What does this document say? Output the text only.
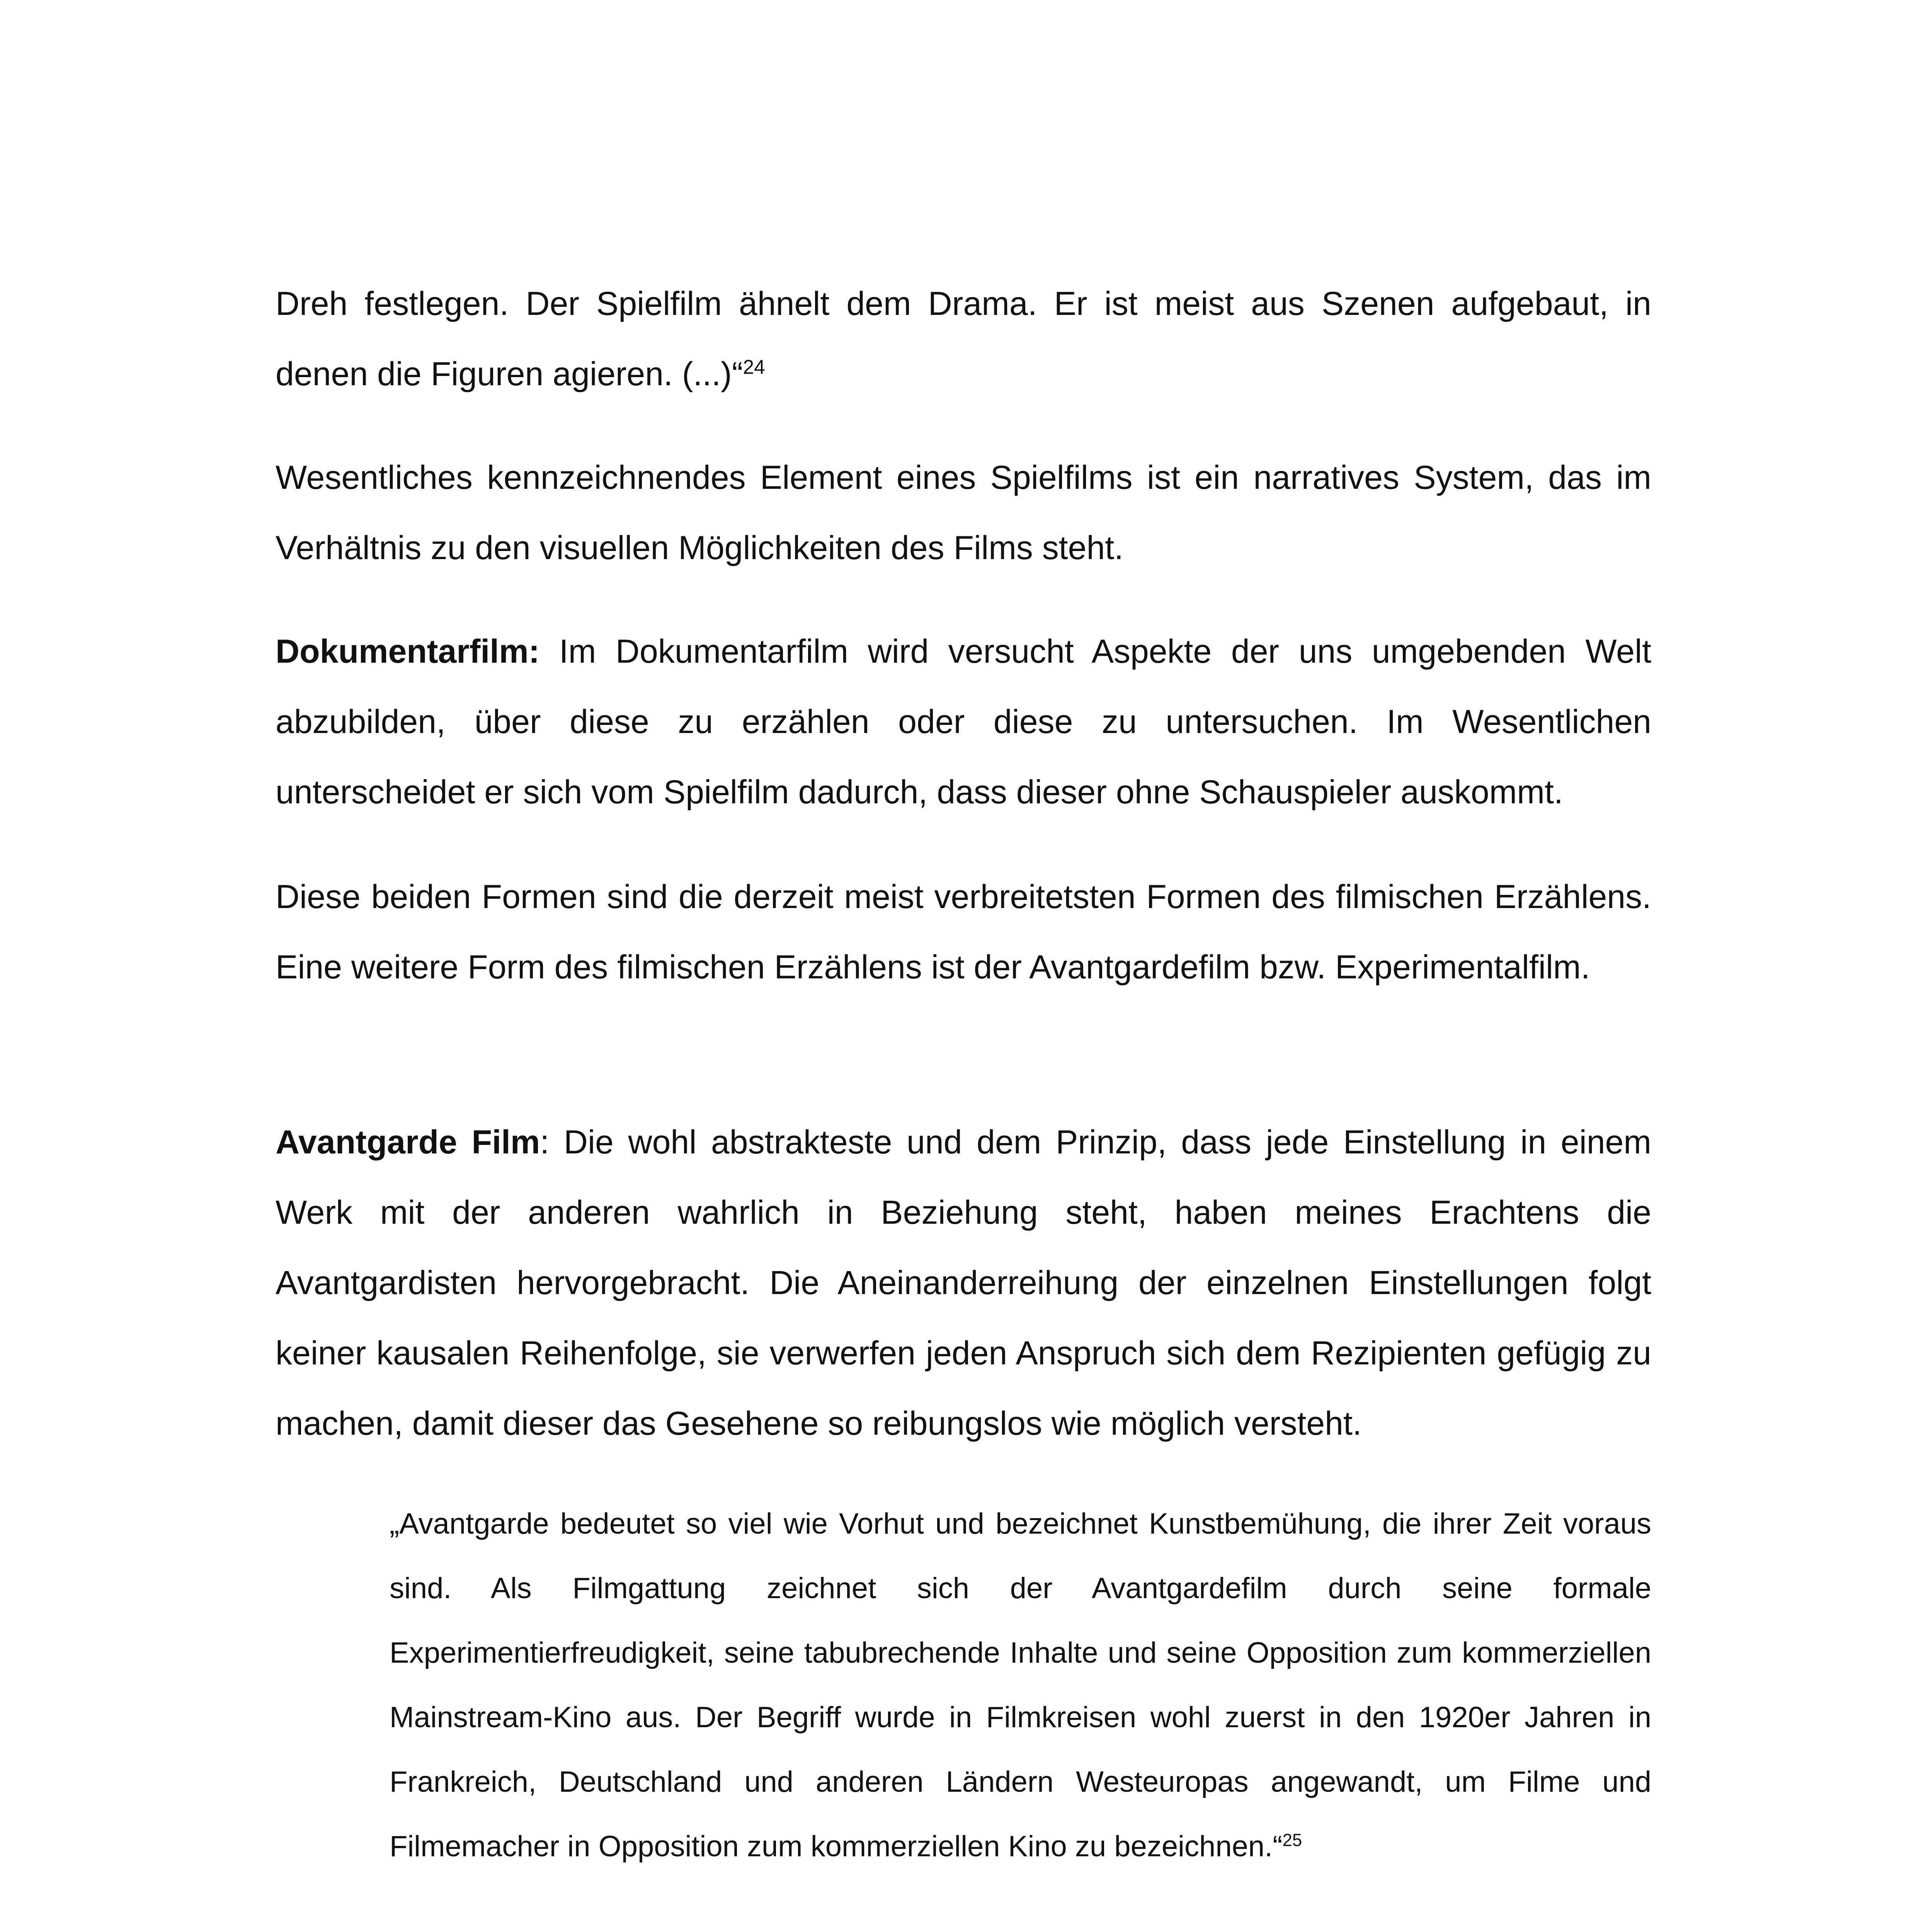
Dreh festlegen. Der Spielfilm ähnelt dem Drama. Er ist meist aus Szenen aufgebaut, in denen die Figuren agieren. (...)“$^{24}$

Wesentliches kennzeichnendes Element eines Spielfilms ist ein narratives System, das im Verhältnis zu den visuellen Möglichkeiten des Films steht.

Dokumentarfilm: Im Dokumentarfilm wird versucht Aspekte der uns umgebenden Welt abzubilden, über diese zu erzählen oder diese zu untersuchen. Im Wesentlichen unterscheidet er sich vom Spielfilm dadurch, dass dieser ohne Schauspieler auskommt.

Diese beiden Formen sind die derzeit meist verbreitetsten Formen des filmischen Erzählens. Eine weitere Form des filmischen Erzählens ist der Avantgardefilm bzw. Experimentalfilm.

Avantgarde Film: Die wohl abstrakteste und dem Prinzip, dass jede Einstellung in einem Werk mit der anderen wahrlich in Beziehung steht, haben meines Erachtens die Avantgardisten hervorgebracht. Die Aneinanderreihung der einzelnen Einstellungen folgt keiner kausalen Reihenfolge, sie verwerfen jeden Anspruch sich dem Rezipienten gefügig zu machen, damit dieser das Gesehene so reibungslos wie möglich versteht.

„Avantgarde bedeutet so viel wie Vorhut und bezeichnet Kunstbemühung, die ihrer Zeit voraus sind. Als Filmgattung zeichnet sich der Avantgardefilm durch seine formale Experimentierfreudigkeit, seine tabubrechende Inhalte und seine Opposition zum kommerziellen Mainstream-Kino aus. Der Begriff wurde in Filmkreisen wohl zuerst in den 1920er Jahren in Frankreich, Deutschland und anderen Ländern Westeuropas angewandt, um Filme und Filmemacher in Opposition zum kommerziellen Kino zu bezeichnen.“$^{25}$
